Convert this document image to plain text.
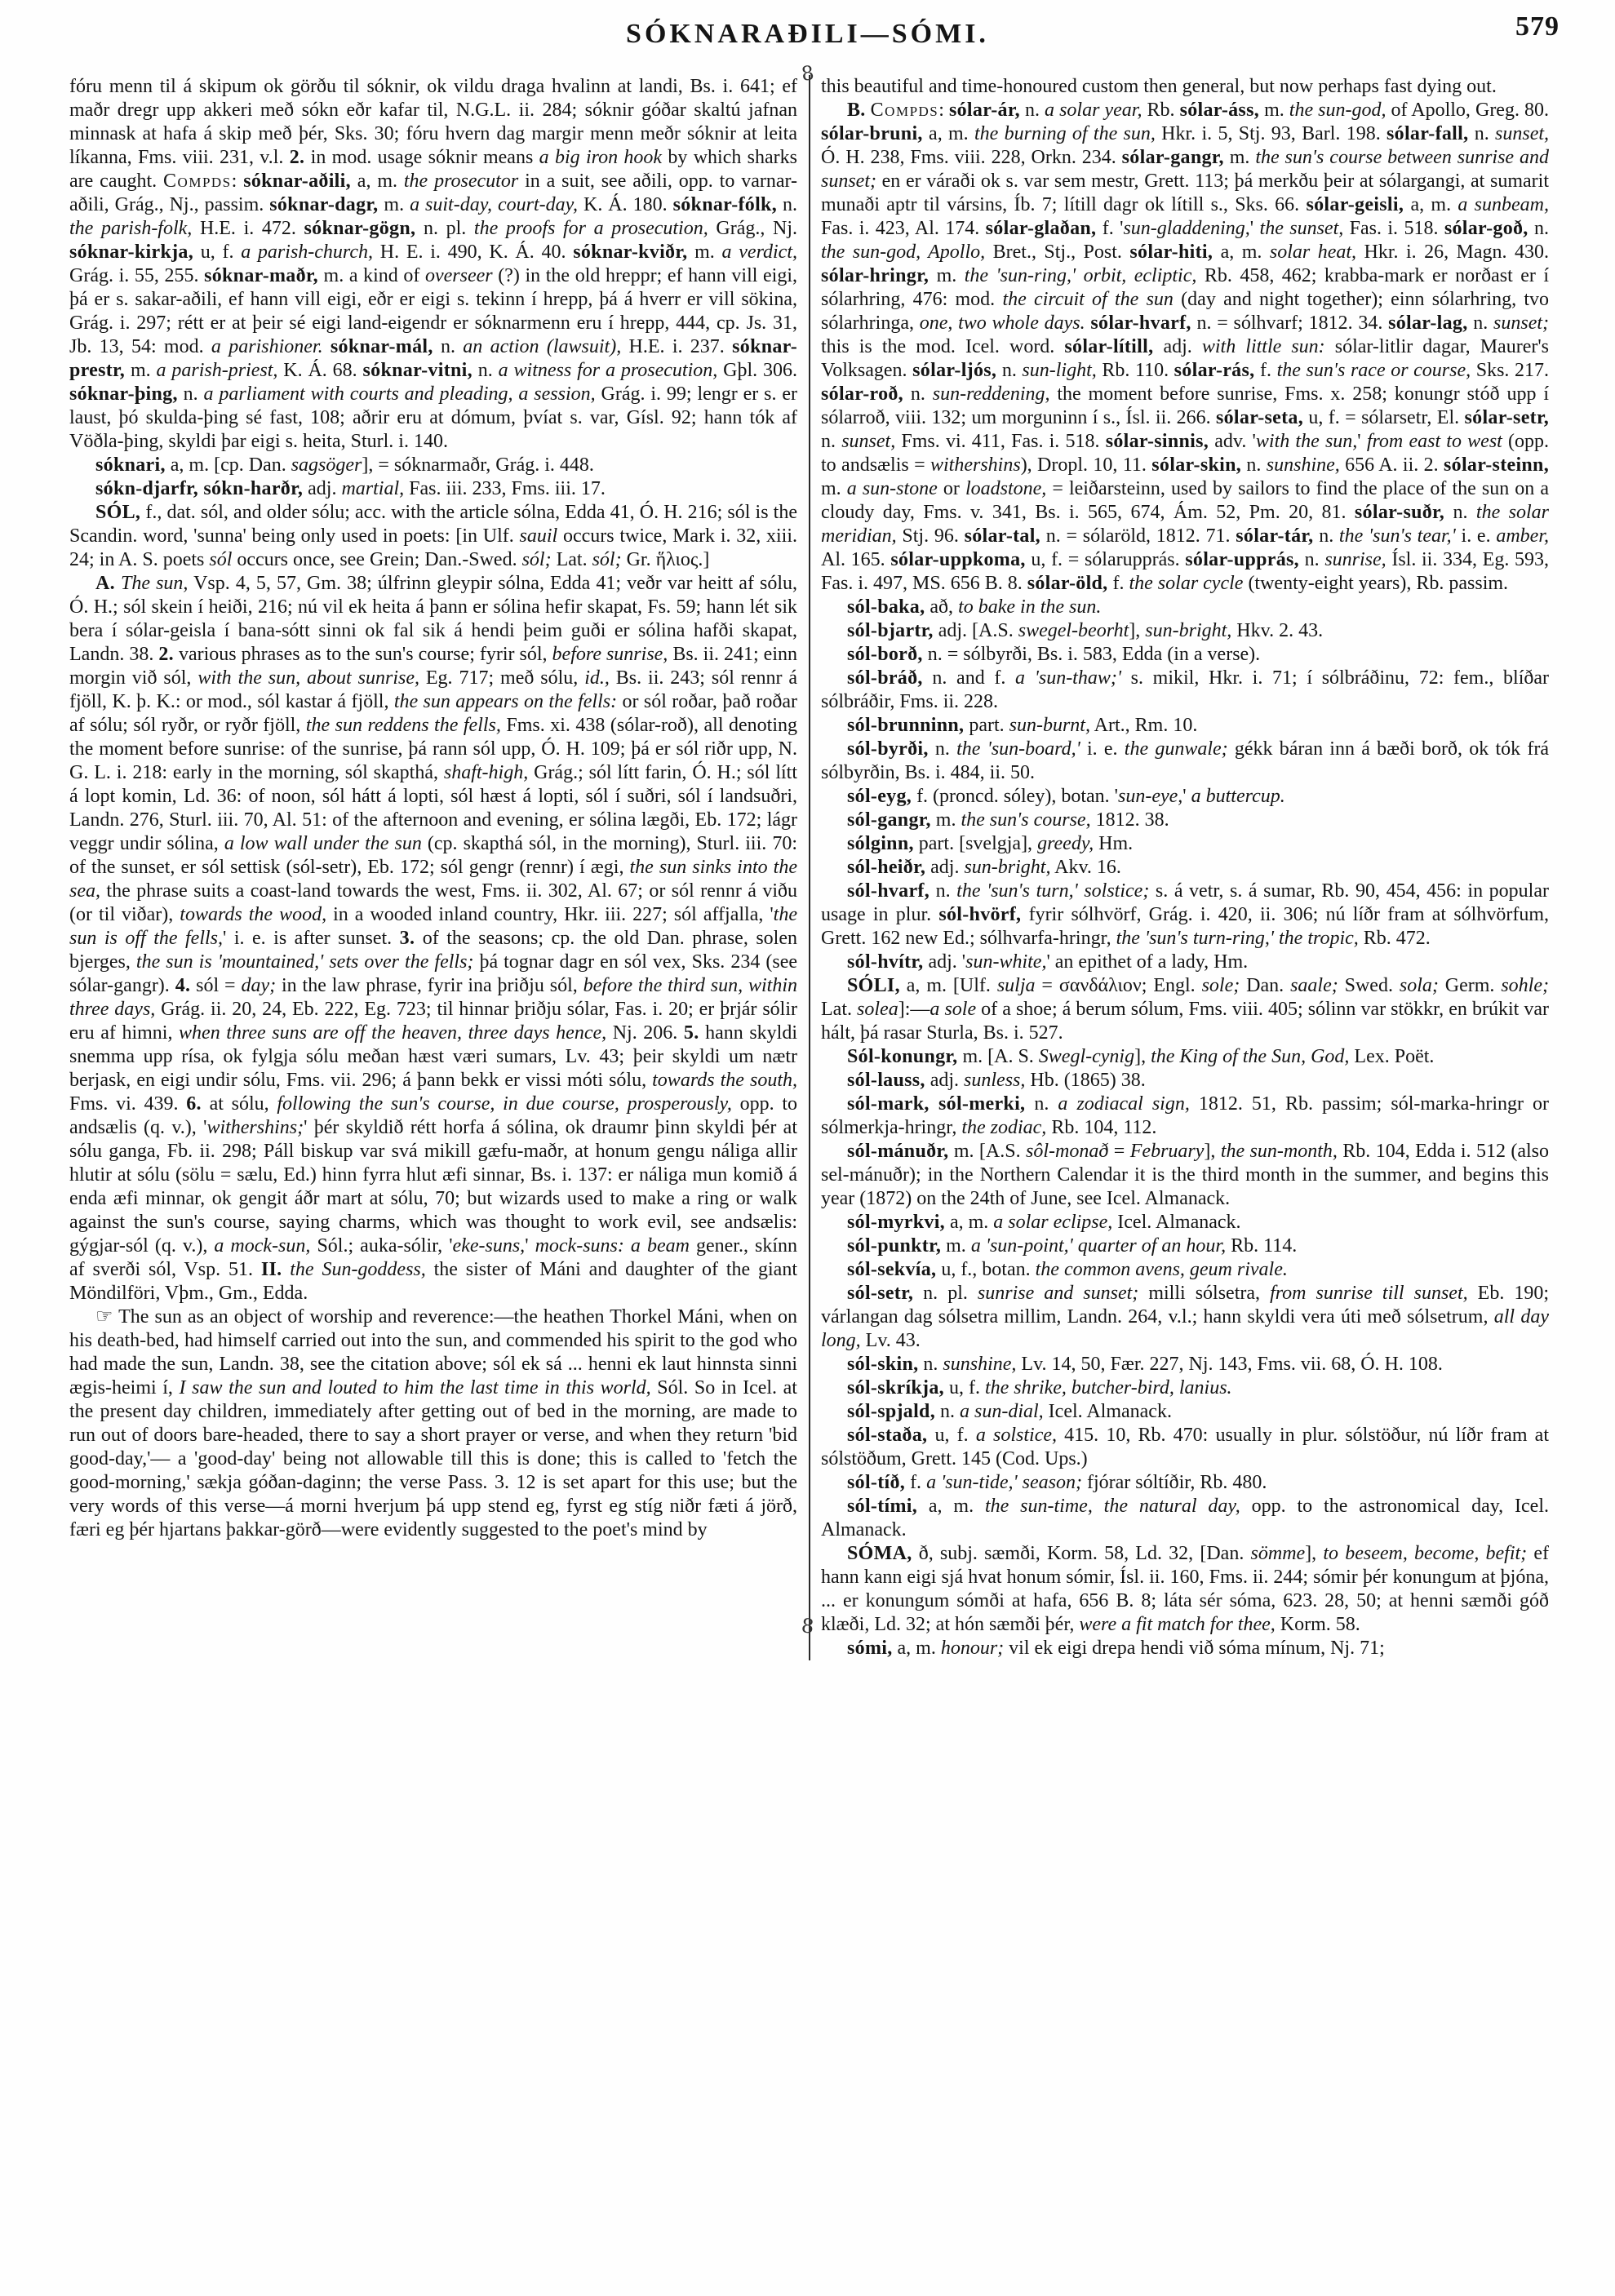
SÓKNARAÐILI—SÓMI.	579

fóru menn til á skipum ok görðu til sóknir, ok vildu draga hvalinn at landi, Bs. i. 641; ef maðr dregr upp akkeri með sókn eðr kafar til, N.G.L. ii. 284; sóknir góðar skaltú jafnan minnask at hafa á skip með þér, Sks. 30; fóru hvern dag margir menn meðr sóknir at leita líkanna, Fms. viii. 231, v.l. 2. in mod. usage sóknir means a big iron hook by which sharks are caught. Compds: sóknar-aðili, a, m. the prosecutor in a suit, see aðili, opp. to varnar-aðili, Grág., Nj., passim. sóknar-dagr, m. a suit-day, court-day, K. Á. 180. sóknar-fólk, n. the parish-folk, H.E. i. 472. sóknar-gögn, n. pl. the proofs for a prosecution, Grág., Nj. sóknar-kirkja, u, f. a parish-church, H. E. i. 490, K. Á. 40. sóknar-kviðr, m. a verdict, Grág. i. 55, 255. sóknar-maðr, m. a kind of overseer (?) in the old hreppr; ef hann vill eigi, þá er s. sakar-aðili, ef hann vill eigi, eðr er eigi s. tekinn í hrepp, þá á hverr er vill sökina, Grág. i. 297; rétt er at þeir sé eigi land-eigendr er sóknarmenn eru í hrepp, 444, cp. Js. 31, Jb. 13, 54: mod. a parishioner. sóknar-mál, n. an action (lawsuit), H.E. i. 237. sóknar-prestr, m. a parish-priest, K. Á. 68. sóknar-vitni, n. a witness for a prosecution, Gþl. 306. sóknar-þing, n. a parliament with courts and pleading, a session, Grág. i. 99; lengr er s. er laust, þó skulda-þing sé fast, 108; aðrir eru at dómum, þvíat s. var, Gísl. 92; hann tók af Vöðla-þing, skyldi þar eigi s. heita, Sturl. i. 140.

sóknari, a, m. [cp. Dan. sagsöger], = sóknarmaðr, Grág. i. 448.

sókn-djarfr, sókn-harðr, adj. martial, Fas. iii. 233, Fms. iii. 17.

SÓL, f., dat. sól, and older sólu; acc. with the article sólna, Edda 41, Ó. H. 216; sól is the Scandin. word, 'sunna' being only used in poets: [in Ulf. sauil occurs twice, Mark i. 32, xiii. 24; in A. S. poets sól occurs once, see Grein; Dan.-Swed. sól; Lat. sól; Gr. ἥλιος.]

A. The sun, Vsp. 4, 5, 57, Gm. 38; úlfrinn gleypir sólna, Edda 41; veðr var heitt af sólu, Ó. H.; sól skein í heiði, 216; nú vil ek heita á þann er sólina hefir skapat, Fs. 59; hann lét sik bera í sólar-geisla í bana-sótt sinni ok fal sik á hendi þeim guði er sólina hafði skapat, Landn. 38. 2. various phrases as to the sun's course; fyrir sól, before sunrise, Bs. ii. 241; einn morgin við sól, with the sun, about sunrise, Eg. 717; með sólu, id., Bs. ii. 243; sól rennr á fjöll, K. þ. K.: or mod., sól kastar á fjöll, the sun appears on the fells: or sól roðar, það roðar af sólu; sól ryðr, or ryðr fjöll, the sun reddens the fells, Fms. xi. 438 (sólar-roð), all denoting the moment before sunrise: of the sunrise, þá rann sól upp, Ó. H. 109; þá er sól riðr upp, N. G. L. i. 218: early in the morning, sól skapthá, shaft-high, Grág.; sól lítt farin, Ó. H.; sól lítt á lopt komin, Ld. 36: of noon, sól hátt á lopti, sól hæst á lopti, sól í suðri, sól í landsuðri, Landn. 276, Sturl. iii. 70, Al. 51: of the afternoon and evening, er sólina lægði, Eb. 172; lágr veggr undir sólina, a low wall under the sun (cp. skapthá sól, in the morning), Sturl. iii. 70: of the sunset, er sól settisk (sól-setr), Eb. 172; sól gengr (rennr) í ægi, the sun sinks into the sea, the phrase suits a coast-land towards the west, Fms. ii. 302, Al. 67; or sól rennr á viðu (or til viðar), towards the wood, in a wooded inland country, Hkr. iii. 227; sól affjalla, 'the sun is off the fells,' i. e. is after sunset. 3. of the seasons; cp. the old Dan. phrase, solen bjerges, the sun is 'mountained,' sets over the fells; þá tognar dagr en sól vex, Sks. 234 (see sólar-gangr). 4. sól = day; in the law phrase, fyrir ina þriðju sól, before the third sun, within three days, Grág. ii. 20, 24, Eb. 222, Eg. 723; til hinnar þriðju sólar, Fas. i. 20; er þrjár sólir eru af himni, when three suns are off the heaven, three days hence, Nj. 206. 5. hann skyldi snemma upp rísa, ok fylgja sólu meðan hæst væri sumars, Lv. 43; þeir skyldi um nætr berjask, en eigi undir sólu, Fms. vii. 296; á þann bekk er vissi móti sólu, towards the south, Fms. vi. 439. 6. at sólu, following the sun's course, in due course, prosperously, opp. to andsælis (q. v.), 'withershins;' þér skyldið rétt horfa á sólina, ok draumr þinn skyldi þér at sólu ganga, Fb. ii. 298; Páll biskup var svá mikill gæfu-maðr, at honum gengu náliga allir hlutir at sólu (sölu = sælu, Ed.) hinn fyrra hlut æfi sinnar, Bs. i. 137: er náliga mun komið á enda æfi minnar, ok gengit áðr mart at sólu, 70; but wizards used to make a ring or walk against the sun's course, saying charms, which was thought to work evil, see andsælis: gýgjar-sól (q. v.), a mock-sun, Sól.; auka-sólir, 'eke-suns,' mock-suns: a beam gener., skínn af sverði sól, Vsp. 51. II. the Sun-goddess, the sister of Máni and daughter of the giant Möndilföri, Vþm., Gm., Edda.

☞ The sun as an object of worship and reverence:—the heathen Thorkel Máni, when on his death-bed, had himself carried out into the sun, and commended his spirit to the god who had made the sun, Landn. 38, see the citation above; sól ek sá ... henni ek laut hinnsta sinni ægis-heimi í, I saw the sun and louted to him the last time in this world, Sól. So in Icel. at the present day children, immediately after getting out of bed in the morning, are made to run out of doors bare-headed, there to say a short prayer or verse, and when they return 'bid good-day,'— a 'good-day' being not allowable till this is done; this is called to 'fetch the good-morning,' sækja góðan-daginn; the verse Pass. 3. 12 is set apart for this use; but the very words of this verse—á morni hverjum þá upp stend eg, fyrst eg stíg niðr fæti á jörð, færi eg þér hjartans þakkar-görð—were evidently suggested to the poet's mind by

8
8

this beautiful and time-honoured custom then general, but now perhaps fast dying out.

B. Compds: sólar-ár, n. a solar year, Rb. sólar-áss, m. the sun-god, of Apollo, Greg. 80. sólar-bruni, a, m. the burning of the sun, Hkr. i. 5, Stj. 93, Barl. 198. sólar-fall, n. sunset, Ó. H. 238, Fms. viii. 228, Orkn. 234. sólar-gangr, m. the sun's course between sunrise and sunset; en er váraði ok s. var sem mestr, Grett. 113; þá merkðu þeir at sólargangi, at sumarit munaði aptr til vársins, Íb. 7; lítill dagr ok lítill s., Sks. 66. sólar-geisli, a, m. a sunbeam, Fas. i. 423, Al. 174. sólar-glaðan, f. 'sun-gladdening,' the sunset, Fas. i. 518. sólar-goð, n. the sun-god, Apollo, Bret., Stj., Post. sólar-hiti, a, m. solar heat, Hkr. i. 26, Magn. 430. sólar-hringr, m. the 'sun-ring,' orbit, ecliptic, Rb. 458, 462; krabba-mark er norðast er í sólarhring, 476: mod. the circuit of the sun (day and night together); einn sólarhring, tvo sólarhringa, one, two whole days. sólar-hvarf, n. = sólhvarf; 1812. 34. sólar-lag, n. sunset; this is the mod. Icel. word. sólar-lítill, adj. with little sun: sólar-litlir dagar, Maurer's Volksagen. sólar-ljós, n. sun-light, Rb. 110. sólar-rás, f. the sun's race or course, Sks. 217. sólar-roð, n. sun-reddening, the moment before sunrise, Fms. x. 258; konungr stóð upp í sólarroð, viii. 132; um morguninn í s., Ísl. ii. 266. sólar-seta, u, f. = sólarsetr, El. sólar-setr, n. sunset, Fms. vi. 411, Fas. i. 518. sólar-sinnis, adv. 'with the sun,' from east to west (opp. to andsælis = withershins), Dropl. 10, 11. sólar-skin, n. sunshine, 656 A. ii. 2. sólar-steinn, m. a sun-stone or loadstone, = leiðarsteinn, used by sailors to find the place of the sun on a cloudy day, Fms. v. 341, Bs. i. 565, 674, Ám. 52, Pm. 20, 81. sólar-suðr, n. the solar meridian, Stj. 96. sólar-tal, n. = sólaröld, 1812. 71. sólar-tár, n. the 'sun's tear,' i. e. amber, Al. 165. sólar-uppkoma, u, f. = sólarupprás. sólar-upprás, n. sunrise, Ísl. ii. 334, Eg. 593, Fas. i. 497, MS. 656 B. 8. sólar-öld, f. the solar cycle (twenty-eight years), Rb. passim.

sól-baka, að, to bake in the sun.

sól-bjartr, adj. [A.S. swegel-beorht], sun-bright, Hkv. 2. 43.

sól-borð, n. = sólbyrði, Bs. i. 583, Edda (in a verse).

sól-bráð, n. and f. a 'sun-thaw;' s. mikil, Hkr. i. 71; í sólbráðinu, 72: fem., blíðar sólbráðir, Fms. ii. 228.

sól-brunninn, part. sun-burnt, Art., Rm. 10.

sól-byrði, n. the 'sun-board,' i. e. the gunwale; gékk báran inn á bæði borð, ok tók frá sólbyrðin, Bs. i. 484, ii. 50.

sól-eyg, f. (proncd. sóley), botan. 'sun-eye,' a buttercup.

sól-gangr, m. the sun's course, 1812. 38.

sólginn, part. [svelgja], greedy, Hm.

sól-heiðr, adj. sun-bright, Akv. 16.

sól-hvarf, n. the 'sun's turn,' solstice; s. á vetr, s. á sumar, Rb. 90, 454, 456: in popular usage in plur. sól-hvörf, fyrir sólhvörf, Grág. i. 420, ii. 306; nú líðr fram at sólhvörfum, Grett. 162 new Ed.; sólhvarfa-hringr, the 'sun's turn-ring,' the tropic, Rb. 472.

sól-hvítr, adj. 'sun-white,' an epithet of a lady, Hm.

SÓLI, a, m. [Ulf. sulja = σανδάλιον; Engl. sole; Dan. saale; Swed. sola; Germ. sohle; Lat. solea]:—a sole of a shoe; á berum sólum, Fms. viii. 405; sólinn var stökkr, en brúkit var hált, þá rasar Sturla, Bs. i. 527.

Sól-konungr, m. [A. S. Swegl-cynig], the King of the Sun, God, Lex. Poët.

sól-lauss, adj. sunless, Hb. (1865) 38.

sól-mark, sól-merki, n. a zodiacal sign, 1812. 51, Rb. passim; sól-marka-hringr or sólmerkja-hringr, the zodiac, Rb. 104, 112.

sól-mánuðr, m. [A.S. sôl-monað = February], the sun-month, Rb. 104, Edda i. 512 (also sel-mánuðr); in the Northern Calendar it is the third month in the summer, and begins this year (1872) on the 24th of June, see Icel. Almanack.

sól-myrkvi, a, m. a solar eclipse, Icel. Almanack.

sól-punktr, m. a 'sun-point,' quarter of an hour, Rb. 114.

sól-sekvía, u, f., botan. the common avens, geum rivale.

sól-setr, n. pl. sunrise and sunset; milli sólsetra, from sunrise till sunset, Eb. 190; várlangan dag sólsetra millim, Landn. 264, v.l.; hann skyldi vera úti með sólsetrum, all day long, Lv. 43.

sól-skin, n. sunshine, Lv. 14, 50, Fær. 227, Nj. 143, Fms. vii. 68, Ó. H. 108.

sól-skríkja, u, f. the shrike, butcher-bird, lanius.

sól-spjald, n. a sun-dial, Icel. Almanack.

sól-staða, u, f. a solstice, 415. 10, Rb. 470: usually in plur. sólstöður, nú líðr fram at sólstöðum, Grett. 145 (Cod. Ups.)

sól-tíð, f. a 'sun-tide,' season; fjórar sóltíðir, Rb. 480.

sól-tími, a, m. the sun-time, the natural day, opp. to the astronomical day, Icel. Almanack.

SÓMA, ð, subj. sæmði, Korm. 58, Ld. 32, [Dan. sömme], to beseem, become, befit; ef hann kann eigi sjá hvat honum sómir, Ísl. ii. 160, Fms. ii. 244; sómir þér konungum at þjóna, ... er konungum sómði at hafa, 656 B. 8; láta sér sóma, 623. 28, 50; at henni sæmði góð klæði, Ld. 32; at hón sæmði þér, were a fit match for thee, Korm. 58.

sómi, a, m. honour; vil ek eigi drepa hendi við sóma mínum, Nj. 71;
